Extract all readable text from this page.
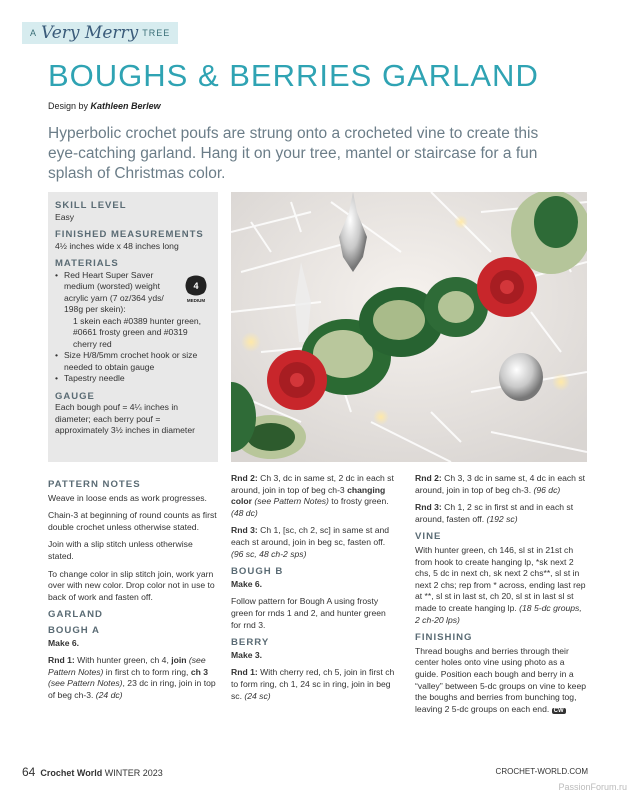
A Very Merry TREE
BOUGHS & BERRIES GARLAND
Design by Kathleen Berlew

Hyperbolic crochet poufs are strung onto a crocheted vine to create this eye-catching garland. Hang it on your tree, mantel or staircase for a fun splash of Christmas color.

SKILL LEVEL
Easy
FINISHED MEASUREMENTS
4½ inches wide x 48 inches long
MATERIALS
• Red Heart Super Saver medium (worsted) weight acrylic yarn (7 oz/364 yds/ 198g per skein):
1 skein each #0389 hunter green, #0661 frosty green and #0319 cherry red
• Size H/8/5mm crochet hook or size needed to obtain gauge
• Tapestry needle
4
MEDIUM
GAUGE
Each bough pouf = 4¼ inches in diameter; each berry pouf = approximately 3½ inches in diameter
PATTERN NOTES

Weave in loose ends as work progresses.

Chain-3 at beginning of round counts as first double crochet unless otherwise stated.

Join with a slip stitch unless otherwise stated.

To change color in slip stitch join, work yarn over with new color. Drop color not in use to back of work and fasten off.

GARLAND
BOUGH A
Make 6.

Rnd 1: With hunter green, ch 4, join (see Pattern Notes) in first ch to form ring, ch 3 (see Pattern Notes), 23 dc in ring, join in top of beg ch-3. (24 dc)

Rnd 2: Ch 3, dc in same st, 2 dc in each st around, join in top of beg ch-3 changing color (see Pattern Notes) to frosty green. (48 dc)

Rnd 3: Ch 1, [sc, ch 2, sc] in same st and each st around, join in beg sc, fasten off. (96 sc, 48 ch-2 sps)

BOUGH B
Make 6.

Follow pattern for Bough A using frosty green for rnds 1 and 2, and hunter green for rnd 3.

BERRY
Make 3.

Rnd 1: With cherry red, ch 5, join in first ch to form ring, ch 1, 24 sc in ring, join in beg sc. (24 sc)

Rnd 2: Ch 3, 3 dc in same st, 4 dc in each st around, join in top of beg ch-3. (96 dc)

Rnd 3: Ch 1, 2 sc in first st and in each st around, fasten off. (192 sc)

VINE

With hunter green, ch 146, sl st in 21st ch from hook to create hanging lp, *sk next 2 chs, 5 dc in next ch, sk next 2 chs**, sl st in next 2 chs; rep from * across, ending last rep at **, sl st in last st, ch 20, sl st in last sl st made to create hanging lp. (18 5-dc groups, 2 ch-20 lps)

FINISHING

Thread boughs and berries through their center holes onto vine using photo as a guide. Position each bough and berry in a “valley” between 5-dc groups on vine to keep the boughs and berries from bunching tog, leaving 2 5-dc groups on each end. CW

64 Crochet World WINTER 2023	CROCHET-WORLD.COM
PassionForum.ru
